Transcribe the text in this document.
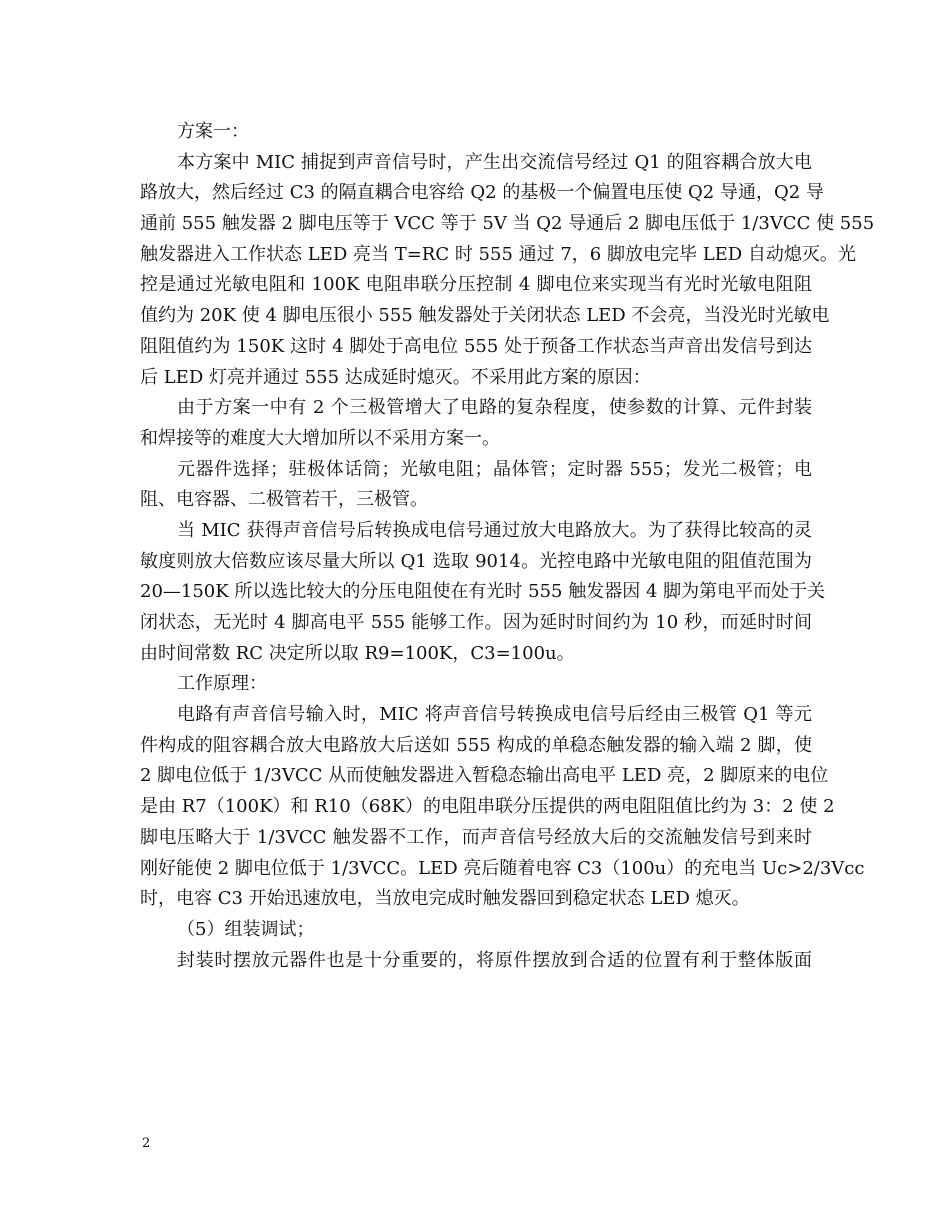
方案一：
本方案中 MIC 捕捉到声音信号时，产生出交流信号经过 Q1 的阻容耦合放大电
路放大，然后经过 C3 的隔直耦合电容给 Q2 的基极一个偏置电压使 Q2 导通，Q2 导
通前 555 触发器 2 脚电压等于 VCC 等于 5V 当 Q2 导通后 2 脚电压低于 1/3VCC 使 555
触发器进入工作状态 LED 亮当 T=RC 时 555 通过 7，6 脚放电完毕 LED 自动熄灭。光
控是通过光敏电阻和 100K 电阻串联分压控制 4 脚电位来实现当有光时光敏电阻阻
值约为 20K 使 4 脚电压很小 555 触发器处于关闭状态 LED 不会亮，当没光时光敏电
阻阻值约为 150K 这时 4 脚处于高电位 555 处于预备工作状态当声音出发信号到达
后 LED 灯亮并通过 555 达成延时熄灭。不采用此方案的原因：
由于方案一中有 2 个三极管增大了电路的复杂程度，使参数的计算、元件封装
和焊接等的难度大大增加所以不采用方案一。
元器件选择；驻极体话筒；光敏电阻；晶体管；定时器 555；发光二极管；电
阻、电容器、二极管若干，三极管。
当 MIC 获得声音信号后转换成电信号通过放大电路放大。为了获得比较高的灵
敏度则放大倍数应该尽量大所以 Q1 选取 9014。光控电路中光敏电阻的阻值范围为
20—150K 所以选比较大的分压电阻使在有光时 555 触发器因 4 脚为第电平而处于关
闭状态，无光时 4 脚高电平 555 能够工作。因为延时时间约为 10 秒，而延时时间
由时间常数 RC 决定所以取 R9=100K，C3=100u。
工作原理：
电路有声音信号输入时，MIC 将声音信号转换成电信号后经由三极管 Q1 等元
件构成的阻容耦合放大电路放大后送如 555 构成的单稳态触发器的输入端 2 脚，使
2 脚电位低于 1/3VCC 从而使触发器进入暂稳态输出高电平 LED 亮，2 脚原来的电位
是由 R7（100K）和 R10（68K）的电阻串联分压提供的两电阻阻值比约为 3：2 使 2
脚电压略大于 1/3VCC 触发器不工作，而声音信号经放大后的交流触发信号到来时
刚好能使 2 脚电位低于 1/3VCC。LED 亮后随着电容 C3（100u）的充电当 Uc>2/3Vcc
时，电容 C3 开始迅速放电，当放电完成时触发器回到稳定状态 LED 熄灭。
（5）组装调试；
封装时摆放元器件也是十分重要的，将原件摆放到合适的位置有利于整体版面
2
